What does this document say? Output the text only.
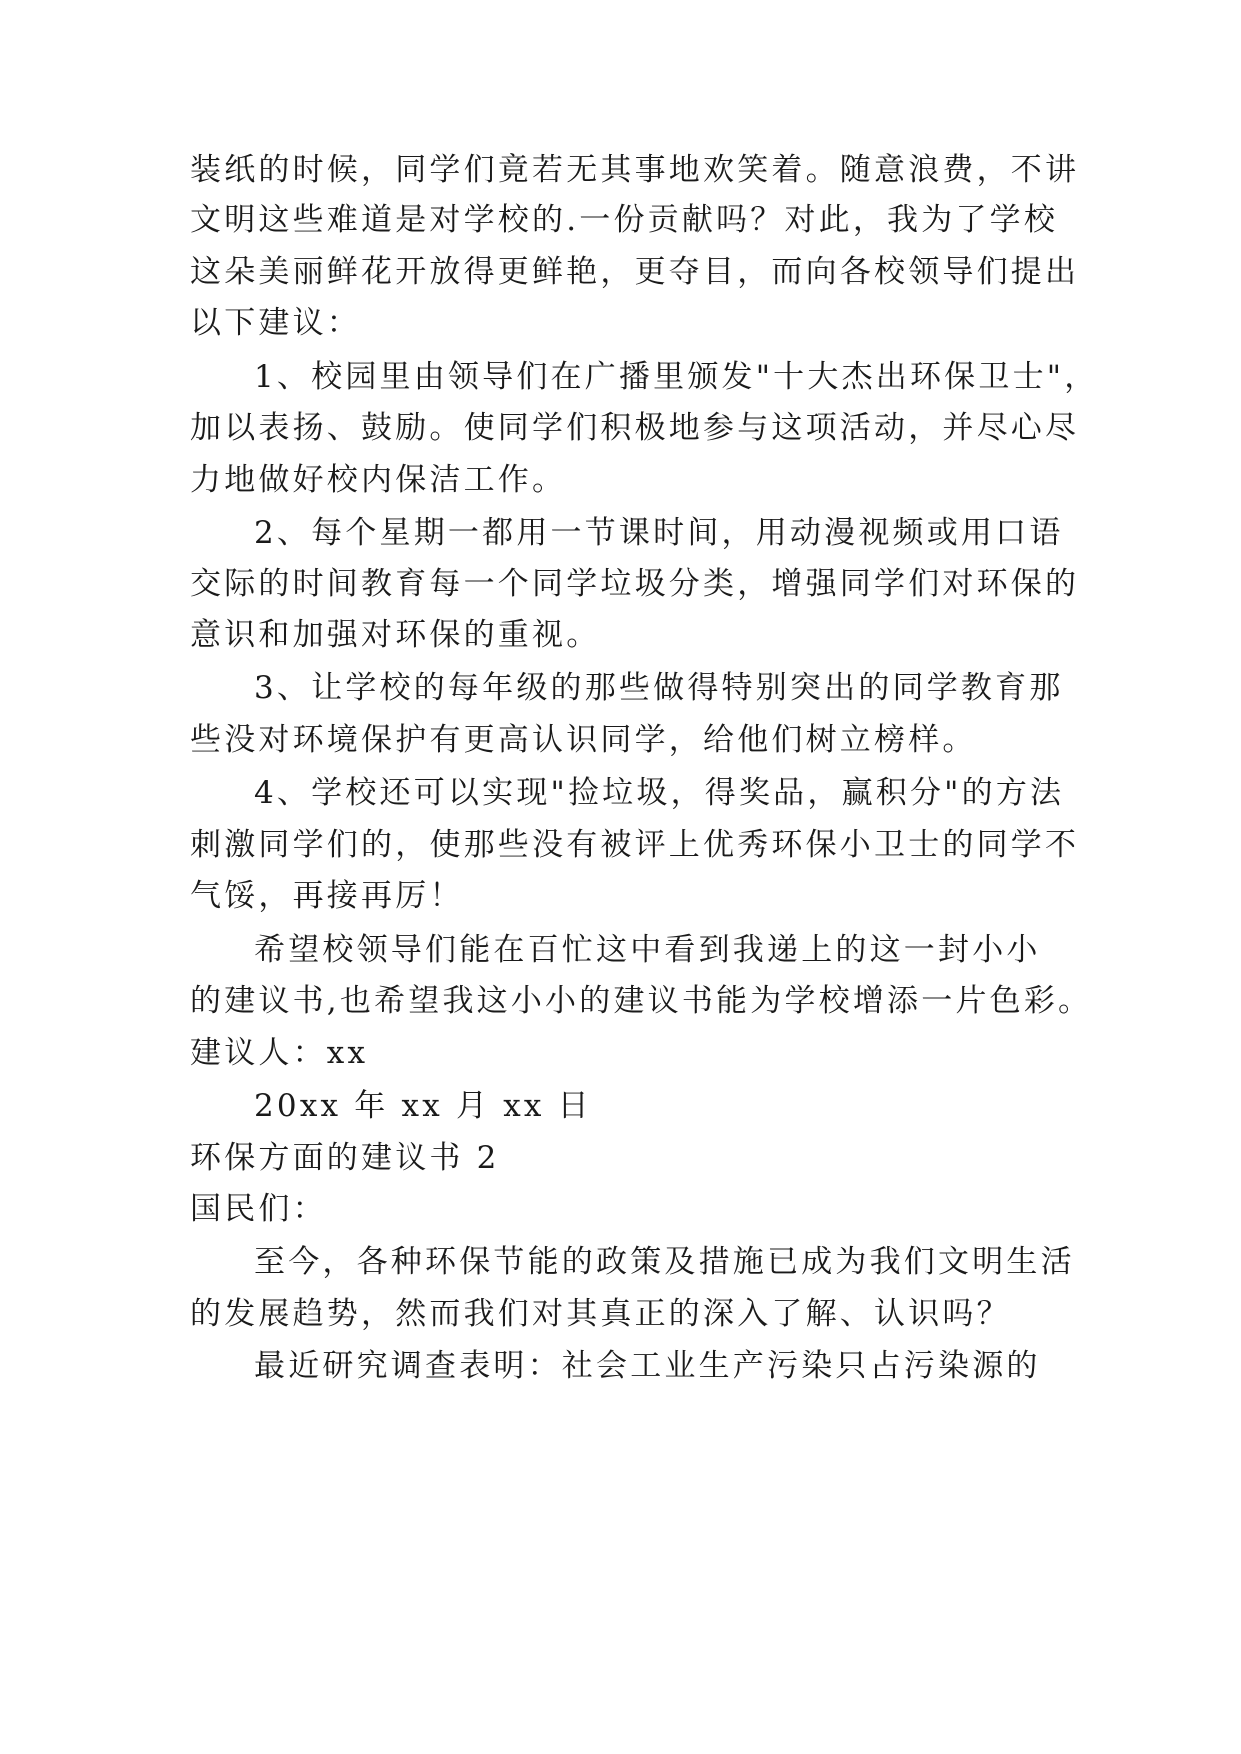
装纸的时候，同学们竟若无其事地欢笑着。随意浪费，不讲

文明这些难道是对学校的.一份贡献吗？对此，我为了学校

这朵美丽鲜花开放得更鲜艳，更夺目，而向各校领导们提出

以下建议：

1、校园里由领导们在广播里颁发"十大杰出环保卫士"，

加以表扬、鼓励。使同学们积极地参与这项活动，并尽心尽

力地做好校内保洁工作。

2、每个星期一都用一节课时间，用动漫视频或用口语

交际的时间教育每一个同学垃圾分类，增强同学们对环保的

意识和加强对环保的重视。

3、让学校的每年级的那些做得特别突出的同学教育那

些没对环境保护有更高认识同学，给他们树立榜样。

4、学校还可以实现"捡垃圾，得奖品，赢积分"的方法

刺激同学们的，使那些没有被评上优秀环保小卫士的同学不

气馁，再接再厉！

希望校领导们能在百忙这中看到我递上的这一封小小

的建议书,也希望我这小小的建议书能为学校增添一片色彩。

建议人：xx

20xx 年 xx 月 xx 日

环保方面的建议书 2

国民们：

至今，各种环保节能的政策及措施已成为我们文明生活

的发展趋势，然而我们对其真正的深入了解、认识吗？

最近研究调查表明：社会工业生产污染只占污染源的
